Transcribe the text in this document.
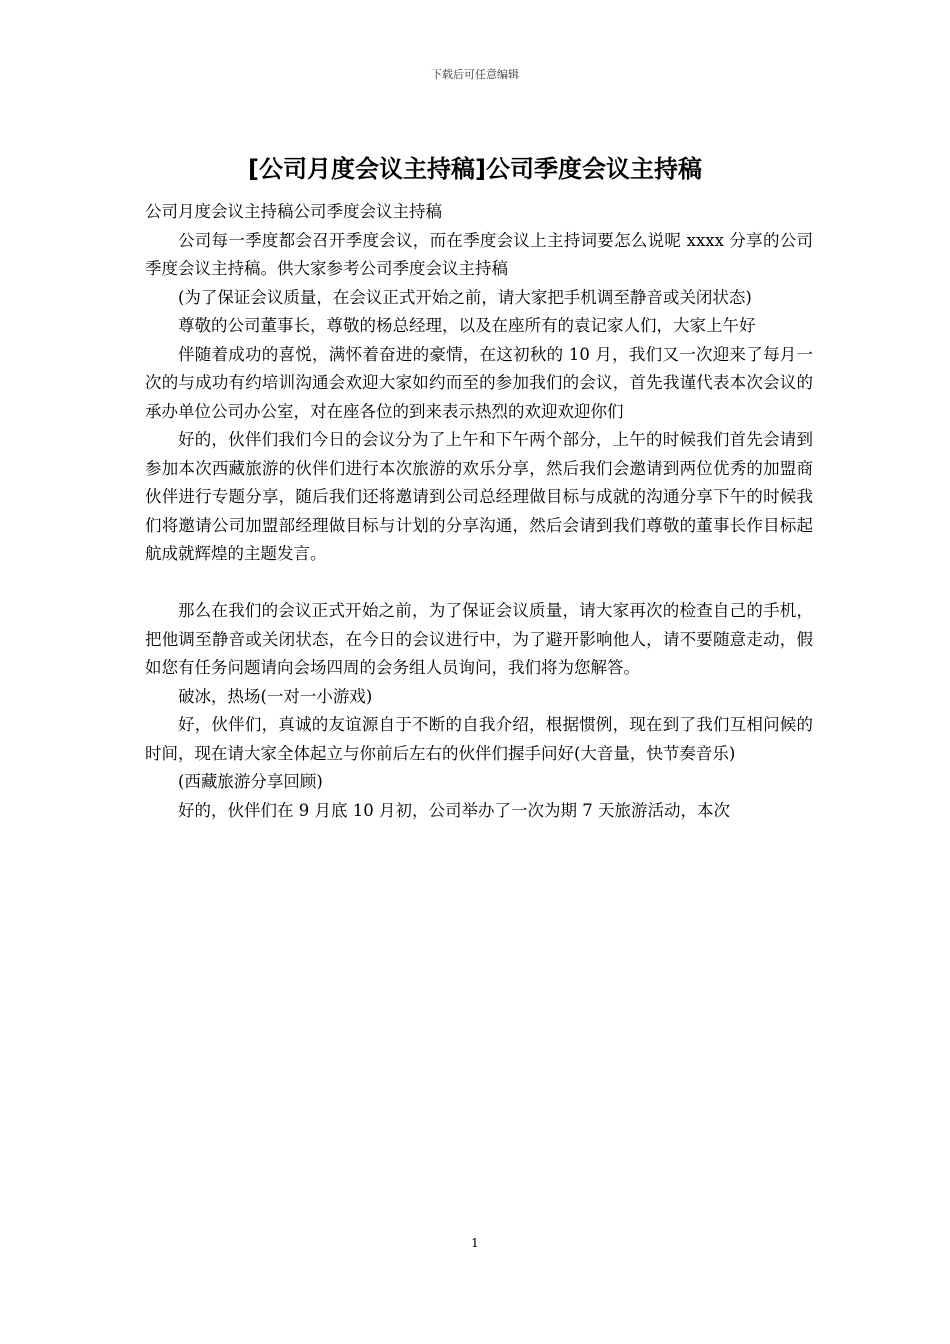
下载后可任意编辑
[公司月度会议主持稿]公司季度会议主持稿

公司月度会议主持稿公司季度会议主持稿

公司每一季度都会召开季度会议，而在季度会议上主持词要怎么说呢 xxxx 分享的公司季度会议主持稿。供大家参考公司季度会议主持稿

(为了保证会议质量，在会议正式开始之前，请大家把手机调至静音或关闭状态)

尊敬的公司董事长，尊敬的杨总经理，以及在座所有的袁记家人们，大家上午好

伴随着成功的喜悦，满怀着奋进的豪情，在这初秋的 10 月，我们又一次迎来了每月一次的与成功有约培训沟通会欢迎大家如约而至的参加我们的会议，首先我谨代表本次会议的承办单位公司办公室，对在座各位的到来表示热烈的欢迎欢迎你们

好的，伙伴们我们今日的会议分为了上午和下午两个部分，上午的时候我们首先会请到参加本次西藏旅游的伙伴们进行本次旅游的欢乐分享，然后我们会邀请到两位优秀的加盟商伙伴进行专题分享，随后我们还将邀请到公司总经理做目标与成就的沟通分享下午的时候我们将邀请公司加盟部经理做目标与计划的分享沟通，然后会请到我们尊敬的董事长作目标起航成就辉煌的主题发言。

那么在我们的会议正式开始之前，为了保证会议质量，请大家再次的检查自己的手机，把他调至静音或关闭状态，在今日的会议进行中，为了避开影响他人，请不要随意走动，假如您有任务问题请向会场四周的会务组人员询问，我们将为您解答。

破冰，热场(一对一小游戏)

好，伙伴们，真诚的友谊源自于不断的自我介绍，根据惯例，现在到了我们互相问候的时间，现在请大家全体起立与你前后左右的伙伴们握手问好(大音量，快节奏音乐)

(西藏旅游分享回顾)

好的，伙伴们在 9 月底 10 月初，公司举办了一次为期 7 天旅游活动，本次

1
